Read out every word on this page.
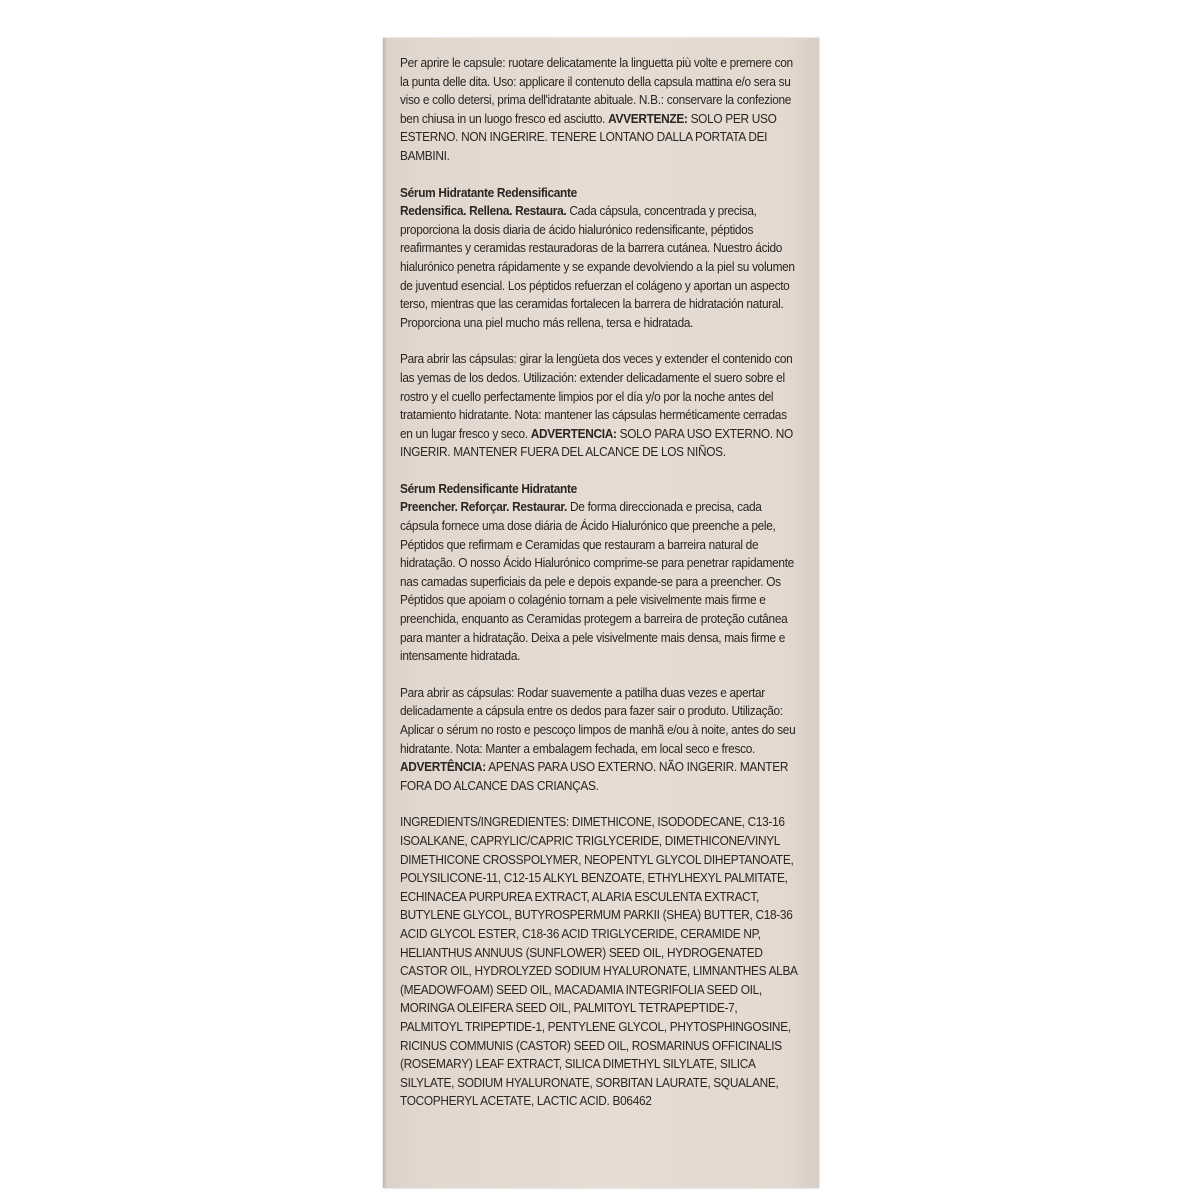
Per aprire le capsule: ruotare delicatamente la linguetta più volte e premere con la punta delle dita. Uso: applicare il contenuto della capsula mattina e/o sera su viso e collo detersi, prima dell'idratante abituale. N.B.: conservare la confezione ben chiusa in un luogo fresco ed asciutto. AVVERTENZE: SOLO PER USO ESTERNO. NON INGERIRE. TENERE LONTANO DALLA PORTATA DEI BAMBINI.

Sérum Hidratante Redensificante
Redensifica. Rellena. Restaura. Cada cápsula, concentrada y precisa, proporciona la dosis diaria de ácido hialurónico redensificante, péptidos reafirmantes y ceramidas restauradoras de la barrera cutánea. Nuestro ácido hialurónico penetra rápidamente y se expande devolviendo a la piel su volumen de juventud esencial. Los péptidos refuerzan el colágeno y aportan un aspecto terso, mientras que las ceramidas fortalecen la barrera de hidratación natural. Proporciona una piel mucho más rellena, tersa e hidratada.

Para abrir las cápsulas: girar la lengüeta dos veces y extender el contenido con las yemas de los dedos. Utilización: extender delicadamente el suero sobre el rostro y el cuello perfectamente limpios por el día y/o por la noche antes del tratamiento hidratante. Nota: mantener las cápsulas herméticamente cerradas en un lugar fresco y seco. ADVERTENCIA: SOLO PARA USO EXTERNO. NO INGERIR. MANTENER FUERA DEL ALCANCE DE LOS NIÑOS.

Sérum Redensificante Hidratante
Preencher. Reforçar. Restaurar. De forma direccionada e precisa, cada cápsula fornece uma dose diária de Ácido Hialurónico que preenche a pele, Péptidos que refirmam e Ceramidas que restauram a barreira natural de hidratação. O nosso Ácido Hialurónico comprime-se para penetrar rapidamente nas camadas superficiais da pele e depois expande-se para a preencher. Os Péptidos que apoiam o colagénio tornam a pele visivelmente mais firme e preenchida, enquanto as Ceramidas protegem a barreira de proteção cutânea para manter a hidratação. Deixa a pele visivelmente mais densa, mais firme e intensamente hidratada.

Para abrir as cápsulas: Rodar suavemente a patilha duas vezes e apertar delicadamente a cápsula entre os dedos para fazer sair o produto. Utilização: Aplicar o sérum no rosto e pescoço limpos de manhã e/ou à noite, antes do seu hidratante. Nota: Manter a embalagem fechada, em local seco e fresco. ADVERTÊNCIA: APENAS PARA USO EXTERNO. NÃO INGERIR. MANTER FORA DO ALCANCE DAS CRIANÇAS.

INGREDIENTS/INGREDIENTES: DIMETHICONE, ISODODECANE, C13-16 ISOALKANE, CAPRYLIC/CAPRIC TRIGLYCERIDE, DIMETHICONE/VINYL DIMETHICONE CROSSPOLYMER, NEOPENTYL GLYCOL DIHEPTANOATE, POLYSILICONE-11, C12-15 ALKYL BENZOATE, ETHYLHEXYL PALMITATE, ECHINACEA PURPUREA EXTRACT, ALARIA ESCULENTA EXTRACT, BUTYLENE GLYCOL, BUTYROSPERMUM PARKII (SHEA) BUTTER, C18-36 ACID GLYCOL ESTER, C18-36 ACID TRIGLYCERIDE, CERAMIDE NP, HELIANTHUS ANNUUS (SUNFLOWER) SEED OIL, HYDROGENATED CASTOR OIL, HYDROLYZED SODIUM HYALURONATE, LIMNANTHES ALBA (MEADOWFOAM) SEED OIL, MACADAMIA INTEGRIFOLIA SEED OIL, MORINGA OLEIFERA SEED OIL, PALMITOYL TETRAPEPTIDE-7, PALMITOYL TRIPEPTIDE-1, PENTYLENE GLYCOL, PHYTOSPHINGOSINE, RICINUS COMMUNIS (CASTOR) SEED OIL, ROSMARINUS OFFICINALIS (ROSEMARY) LEAF EXTRACT, SILICA DIMETHYL SILYLATE, SILICA SILYLATE, SODIUM HYALURONATE, SORBITAN LAURATE, SQUALANE, TOCOPHERYL ACETATE, LACTIC ACID. B06462
